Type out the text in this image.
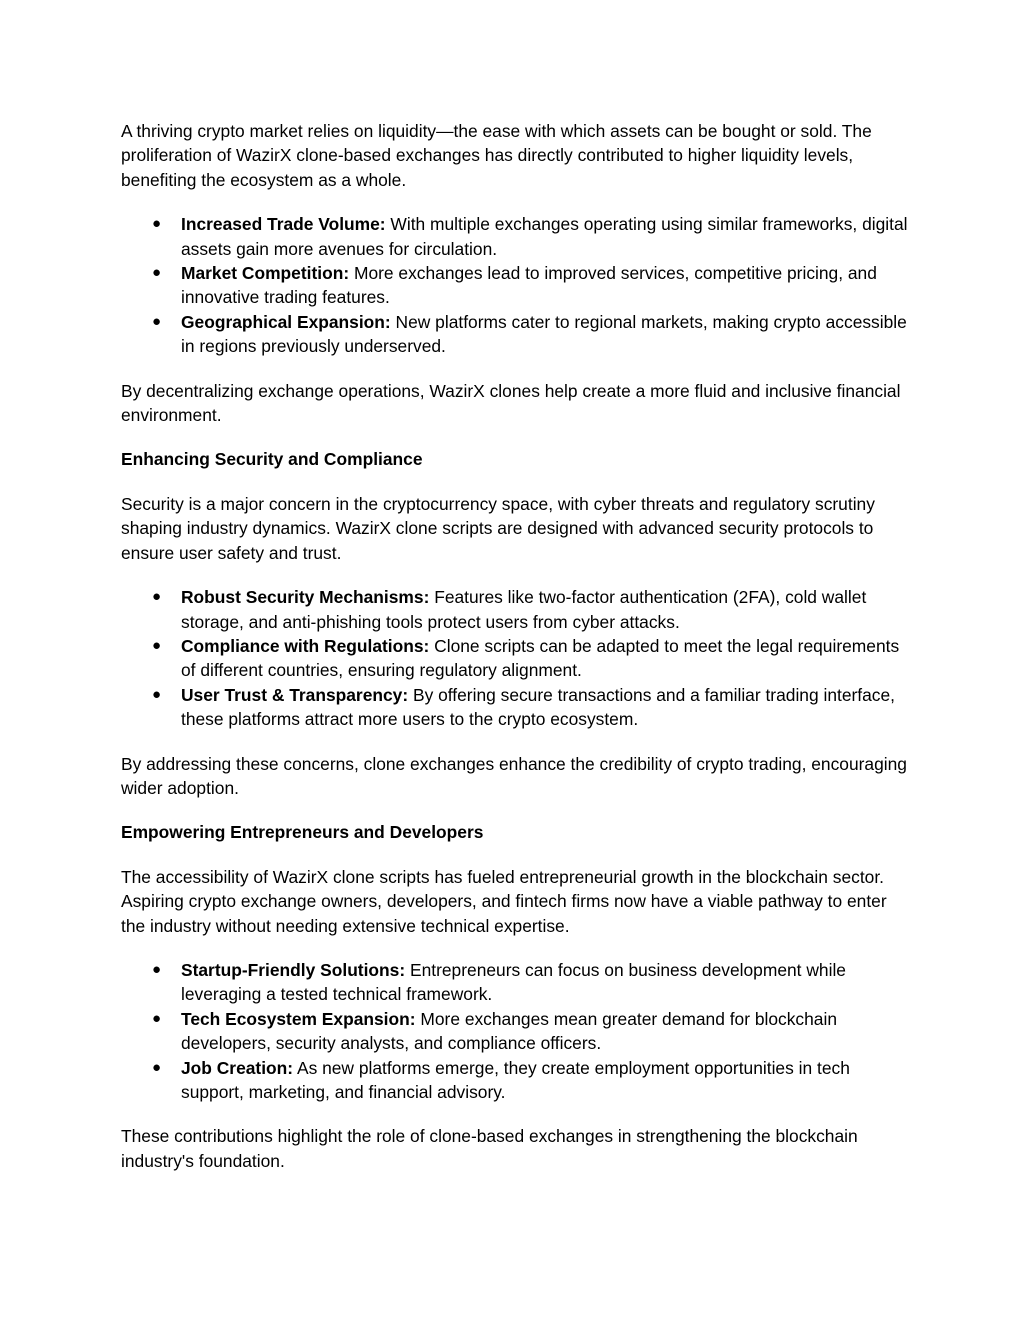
A thriving crypto market relies on liquidity—the ease with which assets can be bought or sold. The proliferation of WazirX clone-based exchanges has directly contributed to higher liquidity levels, benefiting the ecosystem as a whole.

● Increased Trade Volume: With multiple exchanges operating using similar frameworks, digital assets gain more avenues for circulation.
● Market Competition: More exchanges lead to improved services, competitive pricing, and innovative trading features.
● Geographical Expansion: New platforms cater to regional markets, making crypto accessible in regions previously underserved.

By decentralizing exchange operations, WazirX clones help create a more fluid and inclusive financial environment.

Enhancing Security and Compliance

Security is a major concern in the cryptocurrency space, with cyber threats and regulatory scrutiny shaping industry dynamics. WazirX clone scripts are designed with advanced security protocols to ensure user safety and trust.

● Robust Security Mechanisms: Features like two-factor authentication (2FA), cold wallet storage, and anti-phishing tools protect users from cyber attacks.
● Compliance with Regulations: Clone scripts can be adapted to meet the legal requirements of different countries, ensuring regulatory alignment.
● User Trust & Transparency: By offering secure transactions and a familiar trading interface, these platforms attract more users to the crypto ecosystem.

By addressing these concerns, clone exchanges enhance the credibility of crypto trading, encouraging wider adoption.

Empowering Entrepreneurs and Developers

The accessibility of WazirX clone scripts has fueled entrepreneurial growth in the blockchain sector. Aspiring crypto exchange owners, developers, and fintech firms now have a viable pathway to enter the industry without needing extensive technical expertise.

● Startup-Friendly Solutions: Entrepreneurs can focus on business development while leveraging a tested technical framework.
● Tech Ecosystem Expansion: More exchanges mean greater demand for blockchain developers, security analysts, and compliance officers.
● Job Creation: As new platforms emerge, they create employment opportunities in tech support, marketing, and financial advisory.

These contributions highlight the role of clone-based exchanges in strengthening the blockchain industry's foundation.
